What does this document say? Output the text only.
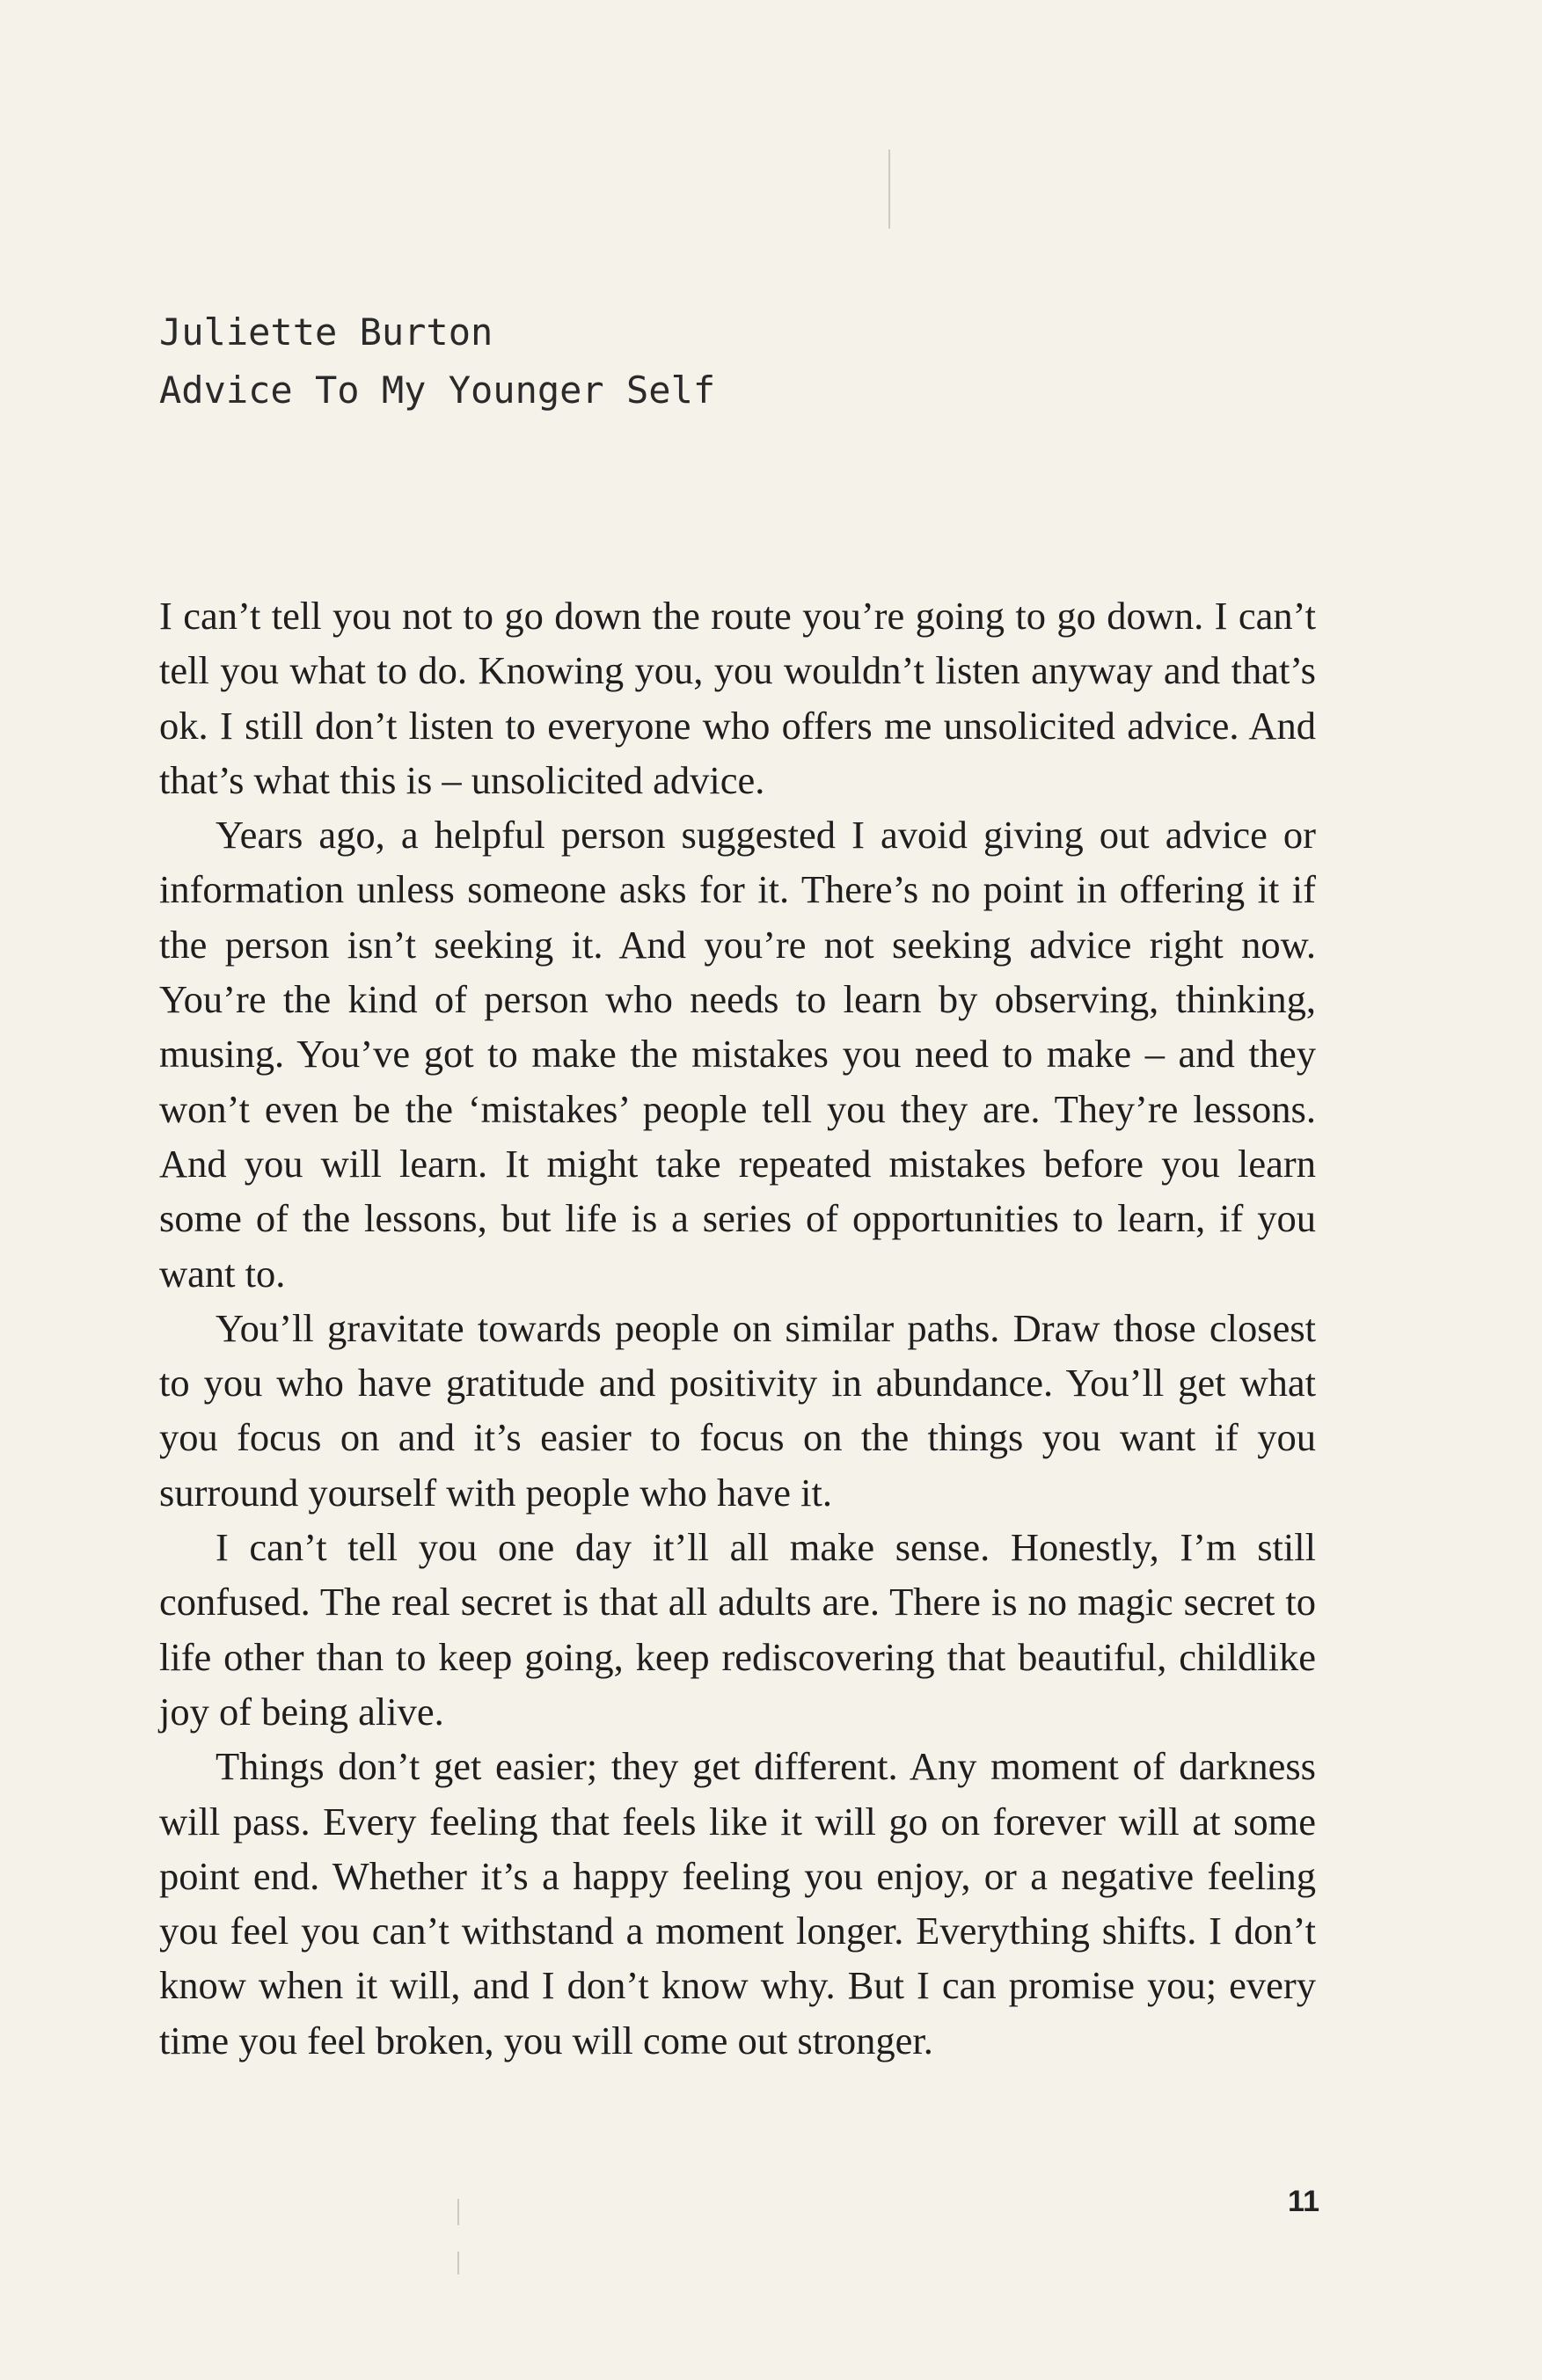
Juliette Burton
Advice To My Younger Self

I can’t tell you not to go down the route you’re going to go down. I can’t tell you what to do. Knowing you, you wouldn’t listen anyway and that’s ok. I still don’t listen to everyone who offers me unsolicited advice. And that’s what this is – unsolicited advice.

Years ago, a helpful person suggested I avoid giving out advice or information unless someone asks for it. There’s no point in offering it if the person isn’t seeking it. And you’re not seeking advice right now. You’re the kind of person who needs to learn by observing, thinking, musing. You’ve got to make the mistakes you need to make – and they won’t even be the ‘mistakes’ people tell you they are. They’re lessons. And you will learn. It might take repeated mistakes before you learn some of the lessons, but life is a series of opportunities to learn, if you want to.

You’ll gravitate towards people on similar paths. Draw those closest to you who have gratitude and positivity in abundance. You’ll get what you focus on and it’s easier to focus on the things you want if you surround yourself with people who have it.

I can’t tell you one day it’ll all make sense. Honestly, I’m still confused. The real secret is that all adults are. There is no magic secret to life other than to keep going, keep rediscovering that beautiful, childlike joy of being alive.

Things don’t get easier; they get different. Any moment of darkness will pass. Every feeling that feels like it will go on forever will at some point end. Whether it’s a happy feeling you enjoy, or a negative feeling you feel you can’t withstand a moment longer. Everything shifts. I don’t know when it will, and I don’t know why. But I can promise you; every time you feel broken, you will come out stronger.

11
